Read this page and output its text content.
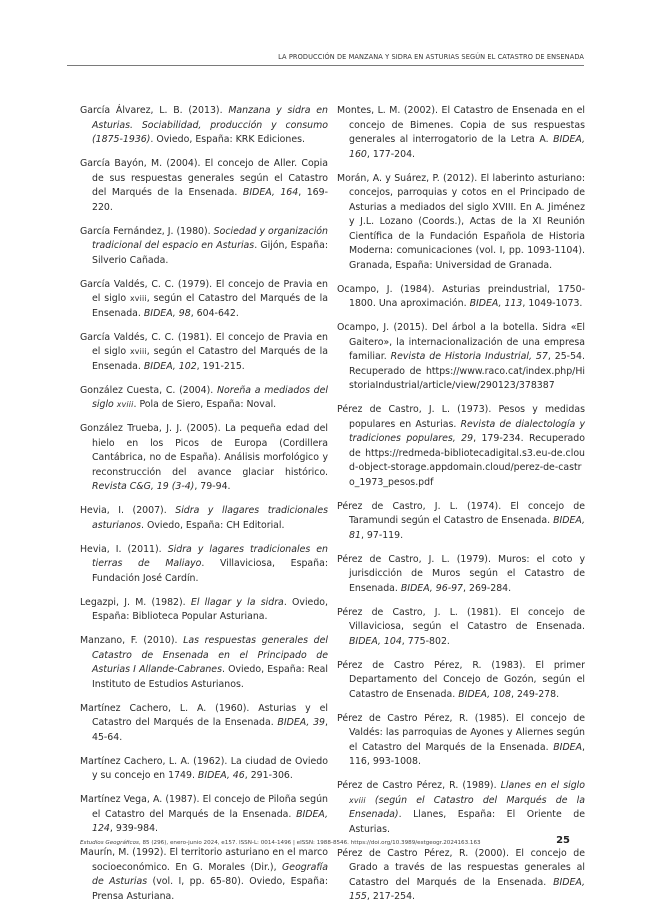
LA PRODUCCIÓN DE MANZANA Y SIDRA EN ASTURIAS SEGÚN EL CATASTRO DE ENSENADA

García Álvarez, L. B. (2013). Manzana y sidra en Asturias. Sociabilidad, producción y consumo (1875-1936). Oviedo, España: KRK Ediciones.

García Bayón, M. (2004). El concejo de Aller. Copia de sus respuestas generales según el Catastro del Marqués de la Ensenada. BIDEA, 164, 169-220.

García Fernández, J. (1980). Sociedad y organización tradicional del espacio en Asturias. Gijón, España: Silverio Cañada.

García Valdés, C. C. (1979). El concejo de Pravia en el siglo xviii, según el Catastro del Marqués de la Ensenada. BIDEA, 98, 604-642.

García Valdés, C. C. (1981). El concejo de Pravia en el siglo xviii, según el Catastro del Marqués de la Ensenada. BIDEA, 102, 191-215.

González Cuesta, C. (2004). Noreña a mediados del siglo xviii. Pola de Siero, España: Noval.

González Trueba, J. J. (2005). La pequeña edad del hielo en los Picos de Europa (Cordillera Cantábrica, no de España). Análisis morfológico y reconstrucción del avance glaciar histórico. Revista C&G, 19 (3-4), 79-94.

Hevia, I. (2007). Sidra y llagares tradicionales asturianos. Oviedo, España: CH Editorial.

Hevia, I. (2011). Sidra y lagares tradicionales en tierras de Maliayo. Villaviciosa, España: Fundación José Cardín.

Legazpi, J. M. (1982). El llagar y la sidra. Oviedo, España: Biblioteca Popular Asturiana.

Manzano, F. (2010). Las respuestas generales del Catastro de Ensenada en el Principado de Asturias I Allande-Cabranes. Oviedo, España: Real Instituto de Estudios Asturianos.

Martínez Cachero, L. A. (1960). Asturias y el Catastro del Marqués de la Ensenada. BIDEA, 39, 45-64.

Martínez Cachero, L. A. (1962). La ciudad de Oviedo y su concejo en 1749. BIDEA, 46, 291-306.

Martínez Vega, A. (1987). El concejo de Piloña según el Catastro del Marqués de la Ensenada. BIDEA, 124, 939-984.

Maurín, M. (1992). El territorio asturiano en el marco socioeconómico. En G. Morales (Dir.), Geografía de Asturias (vol. I, pp. 65-80). Oviedo, España: Prensa Asturiana.

Montes, L. M. (2002). El Catastro de Ensenada en el concejo de Bimenes. Copia de sus respuestas generales al interrogatorio de la Letra A. BIDEA, 160, 177-204.

Morán, A. y Suárez, P. (2012). El laberinto asturiano: concejos, parroquias y cotos en el Principado de Asturias a mediados del siglo XVIII. En A. Jiménez y J.L. Lozano (Coords.), Actas de la XI Reunión Científica de la Fundación Española de Historia Moderna: comunicaciones (vol. I, pp. 1093-1104). Granada, España: Universidad de Granada.

Ocampo, J. (1984). Asturias preindustrial, 1750-1800. Una aproximación. BIDEA, 113, 1049-1073.

Ocampo, J. (2015). Del árbol a la botella. Sidra «El Gaitero», la internacionalización de una empresa familiar. Revista de Historia Industrial, 57, 25-54. Recuperado de https://www.raco.cat/index.php/HistoriaIndustrial/article/view/290123/378387

Pérez de Castro, J. L. (1973). Pesos y medidas populares en Asturias. Revista de dialectología y tradiciones populares, 29, 179-234. Recuperado de https://redmeda-bibliotecadigital.s3.eu-de.cloud-object-storage.appdomain.cloud/perez-de-castro_1973_pesos.pdf

Pérez de Castro, J. L. (1974). El concejo de Taramundi según el Catastro de Ensenada. BIDEA, 81, 97-119.

Pérez de Castro, J. L. (1979). Muros: el coto y jurisdicción de Muros según el Catastro de Ensenada. BIDEA, 96-97, 269-284.

Pérez de Castro, J. L. (1981). El concejo de Villaviciosa, según el Catastro de Ensenada. BIDEA, 104, 775-802.

Pérez de Castro Pérez, R. (1983). El primer Departamento del Concejo de Gozón, según el Catastro de Ensenada. BIDEA, 108, 249-278.

Pérez de Castro Pérez, R. (1985). El concejo de Valdés: las parroquias de Ayones y Aliernes según el Catastro del Marqués de la Ensenada. BIDEA, 116, 993-1008.

Pérez de Castro Pérez, R. (1989). Llanes en el siglo xviii (según el Catastro del Marqués de la Ensenada). Llanes, España: El Oriente de Asturias.

Pérez de Castro Pérez, R. (2000). El concejo de Grado a través de las respuestas generales al Catastro del Marqués de la Ensenada. BIDEA, 155, 217-254.

Estudios Geográficos, 85 (296), enero-junio 2024, e157. ISSN-L: 0014-1496 | eISSN: 1988-8546. https://doi.org/10.3989/estgeogr.2024163.163	25
